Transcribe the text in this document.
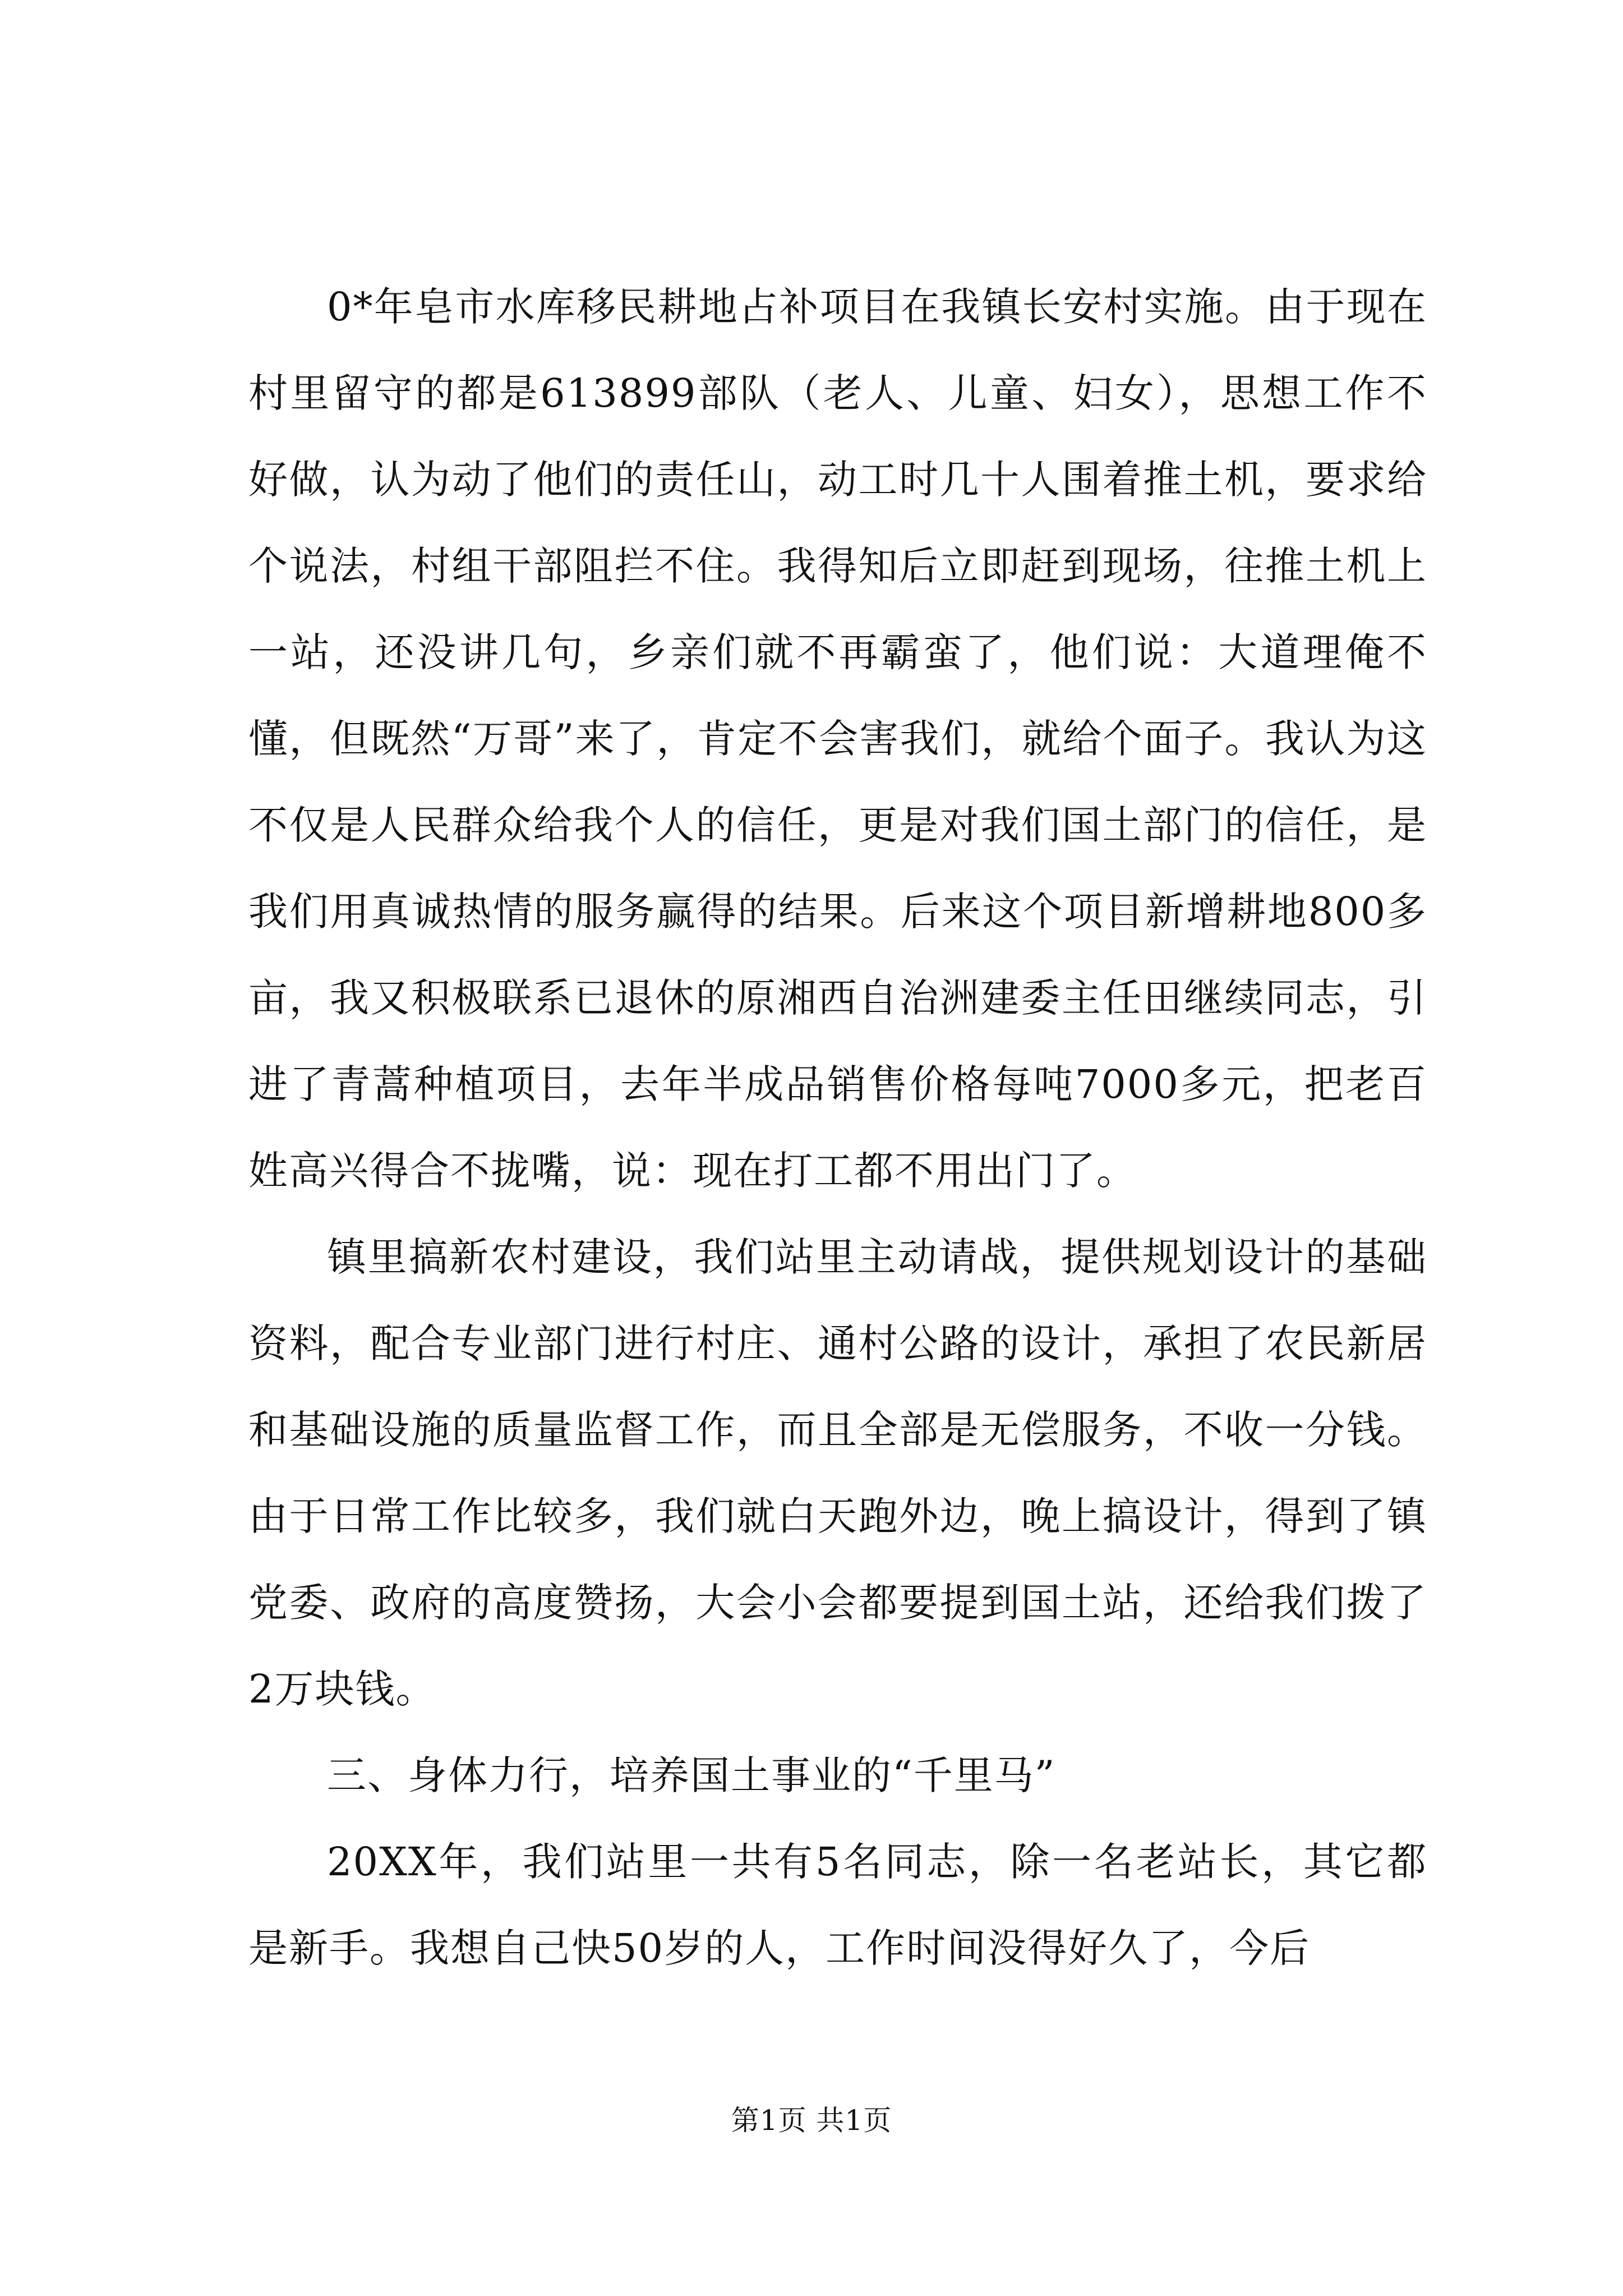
0*年皂市水库移民耕地占补项目在我镇长安村实施。由于现在村里留守的都是613899部队（老人、儿童、妇女），思想工作不好做，认为动了他们的责任山，动工时几十人围着推土机，要求给个说法，村组干部阻拦不住。我得知后立即赶到现场，往推土机上一站，还没讲几句，乡亲们就不再霸蛮了，他们说：大道理俺不懂，但既然“万哥”来了，肯定不会害我们，就给个面子。我认为这不仅是人民群众给我个人的信任，更是对我们国土部门的信任，是我们用真诚热情的服务赢得的结果。后来这个项目新增耕地800多亩，我又积极联系已退休的原湘西自治洲建委主任田继续同志，引进了青蒿种植项目，去年半成品销售价格每吨7000多元，把老百姓高兴得合不拢嘴，说：现在打工都不用出门了。

镇里搞新农村建设，我们站里主动请战，提供规划设计的基础资料，配合专业部门进行村庄、通村公路的设计，承担了农民新居和基础设施的质量监督工作，而且全部是无偿服务，不收一分钱。由于日常工作比较多，我们就白天跑外边，晚上搞设计，得到了镇党委、政府的高度赞扬，大会小会都要提到国土站，还给我们拨了2万块钱。

三、身体力行，培养国土事业的“千里马”

20XX年，我们站里一共有5名同志，除一名老站长，其它都是新手。我想自己快50岁的人，工作时间没得好久了，今后

第1页 共1页
